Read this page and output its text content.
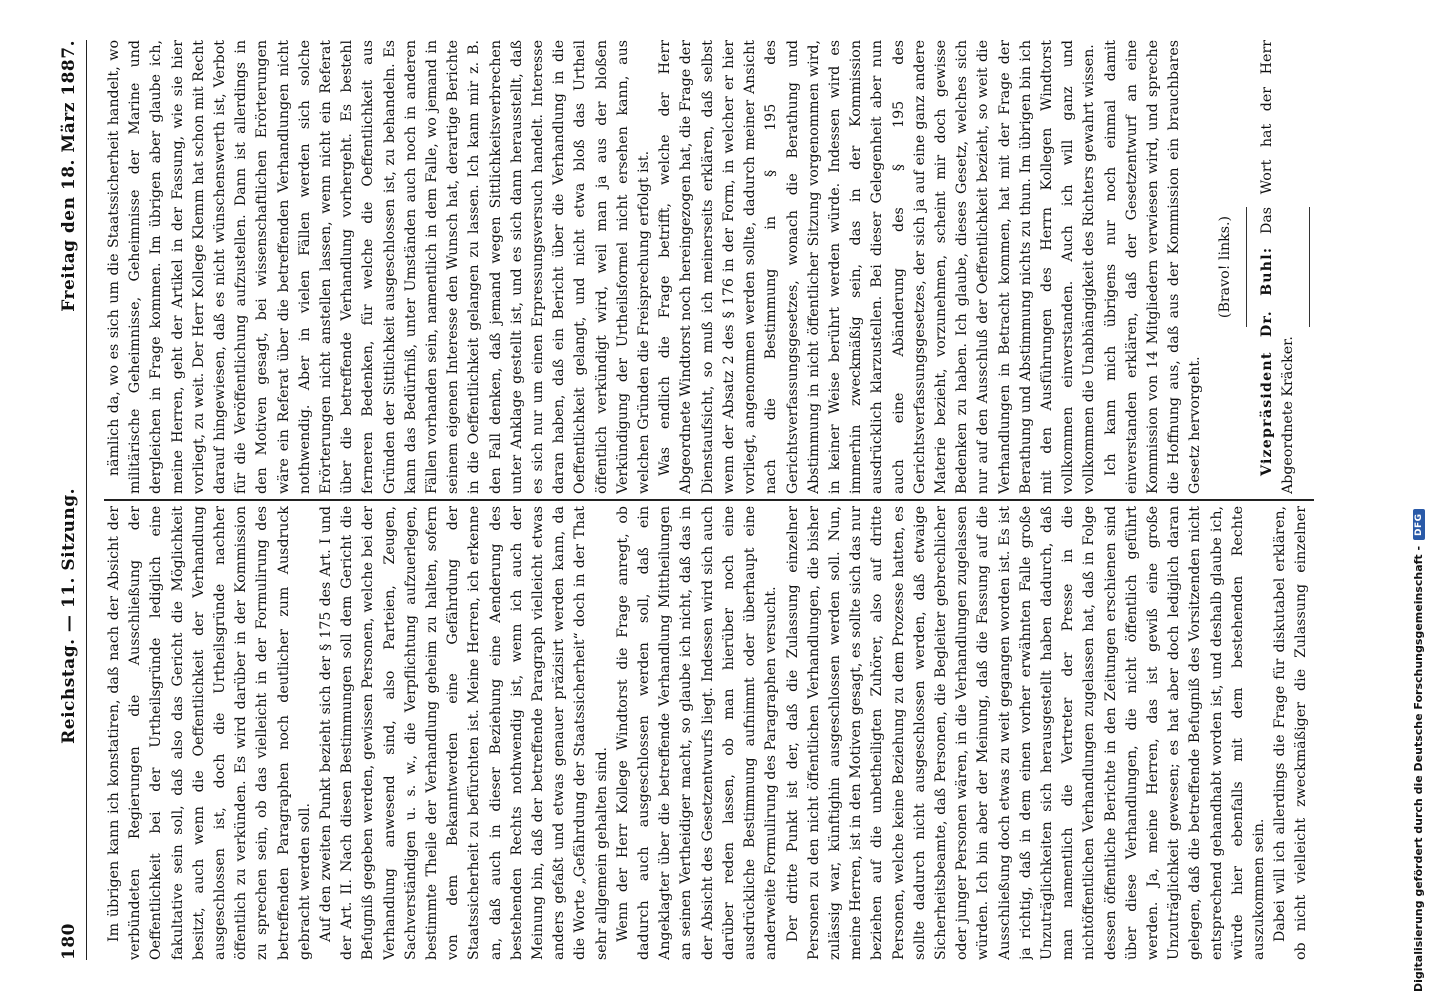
180
Reichstag. — 11. Sitzung.
Freitag den 18. März 1887.

Im übrigen kann ich konstatiren, daß nach der Absicht der verbündeten Regierungen die Ausschließung der Oeffentlichkeit bei der Urtheilsgründe lediglich eine fakultative sein soll, daß also das Gericht die Möglichkeit besitzt, auch wenn die Oeffentlichkeit der Verhandlung ausgeschlossen ist, doch die Urtheilsgründe nachher öffentlich zu verkünden. Es wird darüber in der Kommission zu sprechen sein, ob das vielleicht in der Formulirung des betreffenden Paragraphen noch deutlicher zum Ausdruck gebracht werden soll. Auf den zweiten Punkt bezieht sich der § 175 des Art. I und der Art. II. Nach diesen Bestimmungen soll dem Gericht die Befugniß gegeben werden, gewissen Personen, welche bei der Verhandlung anwesend sind, also Parteien, Zeugen, Sachverständigen u. s. w., die Verpflichtung aufzuerlegen, bestimmte Theile der Verhandlung geheim zu halten, sofern von dem Bekanntwerden eine Gefährdung der Staatssicherheit zu befürchten ist. Meine Herren, ich erkenne an, daß auch in dieser Beziehung eine Aenderung des bestehenden Rechts nothwendig ist, wenn ich auch der Meinung bin, daß der betreffende Paragraph vielleicht etwas anders gefaßt und etwas genauer präzisirt werden kann, da die Worte „Gefährdung der Staatssicherheit“ doch in der That sehr allgemein gehalten sind. Wenn der Herr Kollege Windtorst die Frage anregt, ob dadurch auch ausgeschlossen werden soll, daß ein Angeklagter über die betreffende Verhandlung Mittheilungen an seinen Vertheidiger macht, so glaube ich nicht, daß das in der Absicht des Gesetzentwurfs liegt. Indessen wird sich auch darüber reden lassen, ob man hierüber noch eine ausdrückliche Bestimmung aufnimmt oder überhaupt eine anderweite Formulirung des Paragraphen versucht. Der dritte Punkt ist der, daß die Zulassung einzelner Personen zu den nicht öffentlichen Verhandlungen, die bisher zulässig war, künftighin ausgeschlossen werden soll. Nun, meine Herren, ist in den Motiven gesagt, es sollte sich das nur beziehen auf die unbetheiligten Zuhörer, also auf dritte Personen, welche keine Beziehung zu dem Prozesse hatten, es sollte dadurch nicht ausgeschlossen werden, daß etwaige Sicherheitsbeamte, daß Personen, die Begleiter gebrechlicher oder junger Personen wären, in die Verhandlungen zugelassen würden. Ich bin aber der Meinung, daß die Fassung auf die Ausschließung doch etwas zu weit gegangen worden ist. Es ist ja richtig, daß in dem einen vorher erwähnten Falle große Unzuträglichkeiten sich herausgestellt haben dadurch, daß man namentlich die Vertreter der Presse in die nichtöffentlichen Verhandlungen zugelassen hat, daß in Folge dessen öffentliche Berichte in den Zeitungen erschienen sind über diese Verhandlungen, die nicht öffentlich geführt werden. Ja, meine Herren, das ist gewiß eine große Unzuträglichkeit gewesen; es hat aber doch lediglich daran gelegen, daß die betreffende Befugniß des Vorsitzenden nicht entsprechend gehandhabt worden ist, und deshalb glaube ich, würde hier ebenfalls mit dem bestehenden Rechte auszukommen sein. Dabei will ich allerdings die Frage für diskutabel erklären, ob nicht vielleicht zweckmäßiger die Zulassung einzelner

nämlich da, wo es sich um die Staatssicherheit handelt, wo militärische Geheimnisse, Geheimnisse der Marine und dergleichen in Frage kommen. Im übrigen aber glaube ich, meine Herren, geht der Artikel in der Fassung, wie sie hier vorliegt, zu weit. Der Herr Kollege Klemm hat schon mit Recht darauf hingewiesen, daß es nicht wünschenswerth ist, Verbot für die Veröffentlichung aufzustellen. Dann ist allerdings in den Motiven gesagt, bei wissenschaftlichen Erörterungen wäre ein Referat über die betreffenden Verhandlungen nicht nothwendig. Aber in vielen Fällen werden sich solche Erörterungen nicht anstellen lassen, wenn nicht ein Referat über die betreffende Verhandlung vorhergeht. Es bestehl ferneren Bedenken, für welche die Oeffentlichkeit aus Gründen der Sittlichkeit ausgeschlossen ist, zu behandeln. Es kann das Bedürfniß, unter Umständen auch noch in anderen Fällen vorhanden sein, namentlich in dem Falle, wo jemand in seinem eigenen Interesse den Wunsch hat, derartige Berichte in die Oeffentlichkeit gelangen zu lassen. Ich kann mir z. B. den Fall denken, daß jemand wegen Sittlichkeitsverbrechen unter Anklage gestellt ist, und es sich dann herausstellt, daß es sich nur um einen Erpressungsversuch handelt. Interesse daran haben, daß ein Bericht über die Verhandlung in die Oeffentlichkeit gelangt, und nicht etwa bloß das Urtheil öffentlich verkündigt wird, weil man ja aus der bloßen Verkündigung der Urtheilsformel nicht ersehen kann, aus welchen Gründen die Freisprechung erfolgt ist. Was endlich die Frage betrifft, welche der Herr Abgeordnete Windtorst noch hereingezogen hat, die Frage der Dienstaufsicht, so muß ich meinerseits erklären, daß selbst wenn der Absatz 2 des § 176 in der Form, in welcher er hier vorliegt, angenommen werden sollte, dadurch meiner Ansicht nach die Bestimmung in § 195 des Gerichtsverfassungsgesetzes, wonach die Berathung und Abstimmung in nicht öffentlicher Sitzung vorgenommen wird, in keiner Weise berührt werden würde. Indessen wird es immerhin zweckmäßig sein, das in der Kommission ausdrücklich klarzustellen. Bei dieser Gelegenheit aber nun auch eine Abänderung des § 195 des Gerichtsverfassungsgesetzes, der sich ja auf eine ganz andere Materie bezieht, vorzunehmen, scheint mir doch gewisse Bedenken zu haben. Ich glaube, dieses Gesetz, welches sich nur auf den Ausschluß der Oeffentlichkeit bezieht, so weit die Verhandlungen in Betracht kommen, hat mit der Frage der Berathung und Abstimmung nichts zu thun. Im übrigen bin ich mit den Ausführungen des Herrn Kollegen Windtorst vollkommen einverstanden. Auch ich will ganz und vollkommen die Unabhängigkeit des Richters gewahrt wissen. Ich kann mich übrigens nur noch einmal damit einverstanden erklären, daß der Gesetzentwurf an eine Kommission von 14 Mitgliedern verwiesen wird, und spreche die Hoffnung aus, daß aus der Kommission ein brauchbares Gesetz hervorgeht.

(Bravo! links.) Vizepräsident Dr. Buhl: Das Wort hat der Herr Abgeordnete Kräcker.

Digitalisierung gefördert durch die Deutsche Forschungsgemeinschaft -
DFG
